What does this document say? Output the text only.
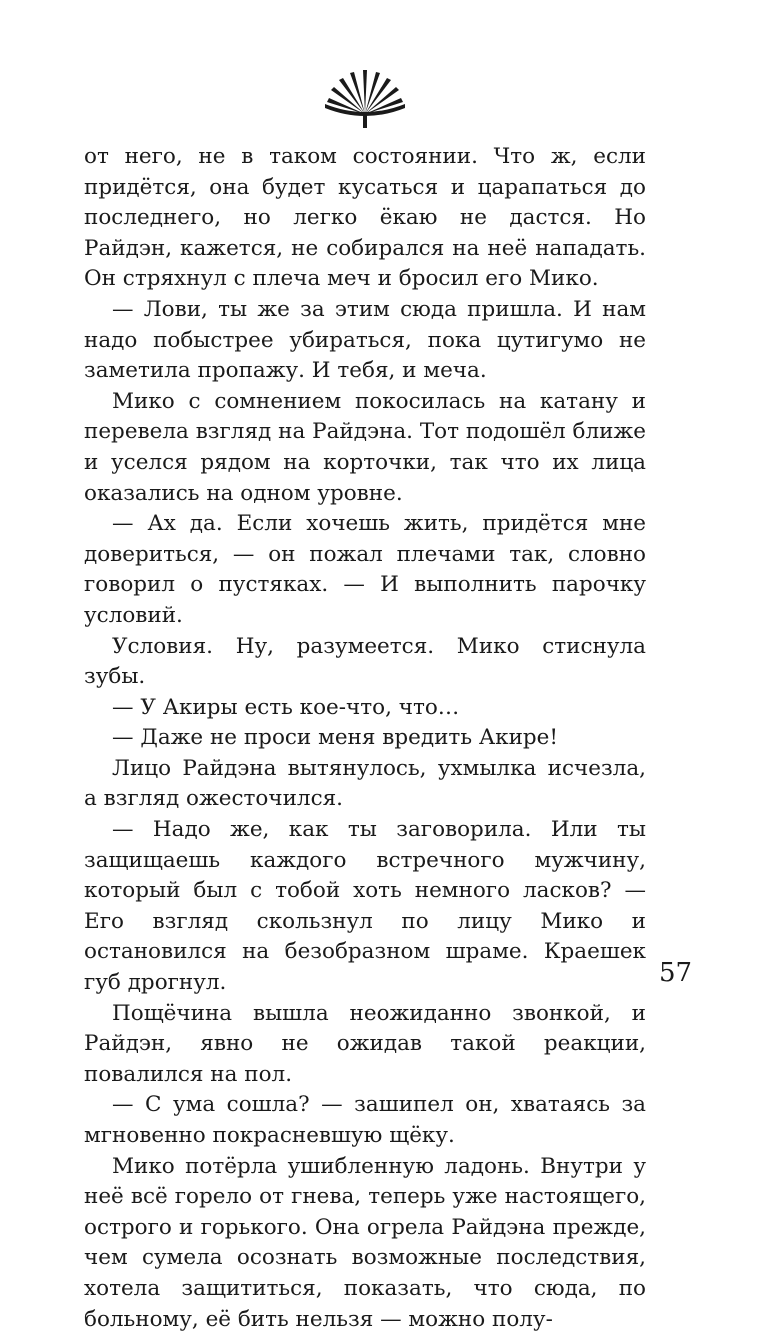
от него, не в таком состоянии. Что ж, если придётся, она будет кусаться и царапаться до последнего, но легко ёкаю не дастся. Но Райдэн, кажется, не собирался на неё нападать. Он стряхнул с плеча меч и бросил его Мико.

— Лови, ты же за этим сюда пришла. И нам надо побыстрее убираться, пока цутигумо не заметила пропажу. И тебя, и меча.

Мико с сомнением покосилась на катану и перевела взгляд на Райдэна. Тот подошёл ближе и уселся рядом на корточки, так что их лица оказались на одном уровне.

— Ах да. Если хочешь жить, придётся мне довериться, — он пожал плечами так, словно говорил о пустяках. — И выполнить парочку условий.

Условия. Ну, разумеется. Мико стиснула зубы.

— У Акиры есть кое-что, что…

— Даже не проси меня вредить Акире!

Лицо Райдэна вытянулось, ухмылка исчезла, а взгляд ожесточился.

— Надо же, как ты заговорила. Или ты защищаешь каждого встречного мужчину, который был с тобой хоть немного ласков? — Его взгляд скользнул по лицу Мико и остановился на безобразном шраме. Краешек губ дрогнул.

Пощёчина вышла неожиданно звонкой, и Райдэн, явно не ожидав такой реакции, повалился на пол.

— С ума сошла? — зашипел он, хватаясь за мгновенно покрасневшую щёку.

Мико потёрла ушибленную ладонь. Внутри у неё всё горело от гнева, теперь уже настоящего, острого и горького. Она огрела Райдэна прежде, чем сумела осознать возможные последствия, хотела защититься, показать, что сюда, по больному, её бить нельзя — можно полу-

57
